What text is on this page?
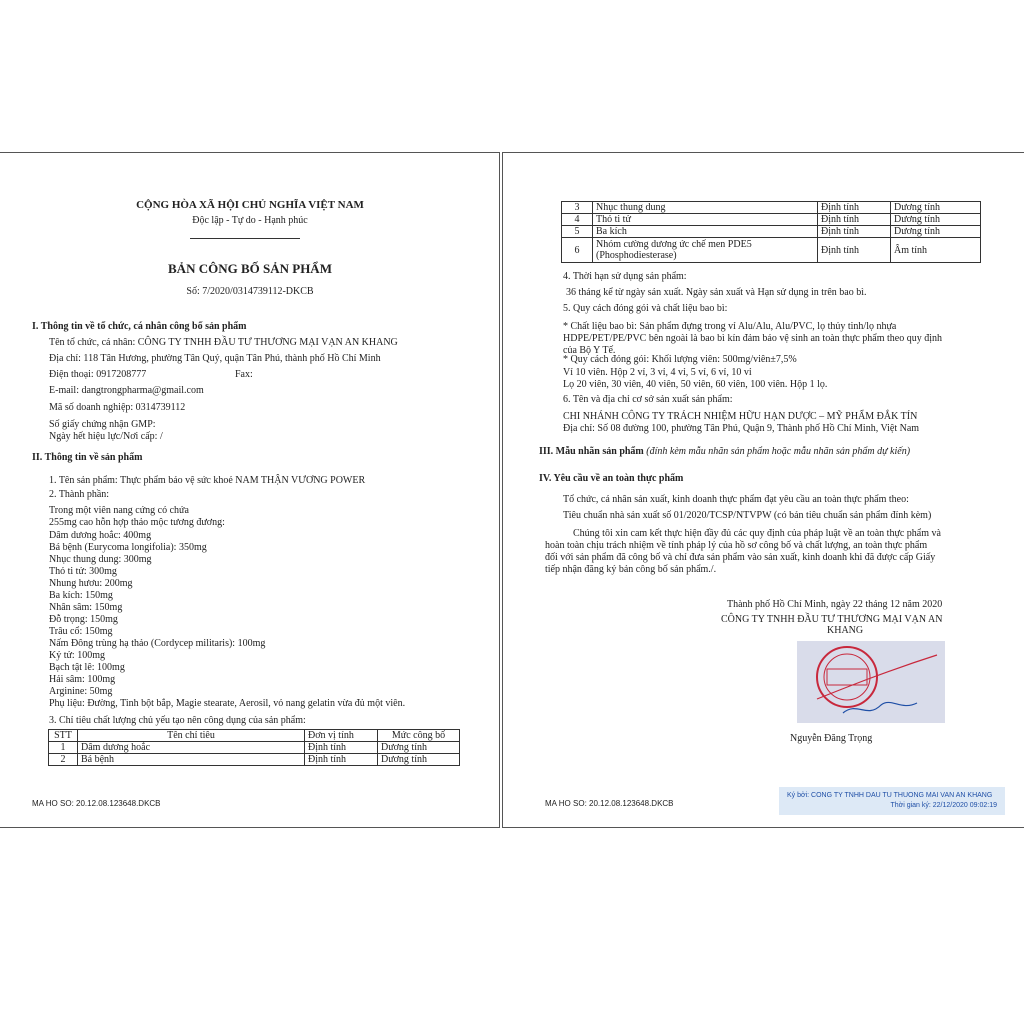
CỘNG HÒA XÃ HỘI CHỦ NGHĨA VIỆT NAM
Độc lập - Tự do - Hạnh phúc
BẢN CÔNG BỐ SẢN PHẨM
Số: 7/2020/0314739112-DKCB
I. Thông tin về tổ chức, cá nhân công bố sản phẩm
Tên tổ chức, cá nhân: CÔNG TY TNHH ĐẦU TƯ THƯƠNG MẠI VẠN AN KHANG
Địa chỉ: 118 Tân Hương, phường Tân Quý, quận Tân Phú, thành phố Hồ Chí Minh
Điện thoại: 0917208777	Fax:
E-mail: dangtrongpharma@gmail.com
Mã số doanh nghiệp: 0314739112
Số giấy chứng nhận GMP:
Ngày hết hiệu lực/Nơi cấp: /
II. Thông tin về sản phẩm
1. Tên sản phẩm: Thực phẩm bảo vệ sức khoẻ NAM THẬN VƯƠNG POWER
2. Thành phần:
Trong một viên nang cứng có chứa
255mg cao hỗn hợp thảo mộc tương đương:
Dâm dương hoắc: 400mg
Bá bệnh (Eurycoma longifolia): 350mg
Nhục thung dung: 300mg
Thỏ ti tử: 300mg
Nhung hươu: 200mg
Ba kích: 150mg
Nhân sâm: 150mg
Đỗ trọng: 150mg
Trâu cổ: 150mg
Nấm Đông trùng hạ thảo (Cordycep militaris): 100mg
Kỷ tử: 100mg
Bạch tật lê: 100mg
Hải sâm: 100mg
Arginine: 50mg
Phụ liệu: Đường, Tinh bột bắp, Magie stearate, Aerosil, vỏ nang gelatin vừa đủ một viên.
3. Chỉ tiêu chất lượng chủ yếu tạo nên công dụng của sản phẩm:
STT	Tên chỉ tiêu	Đơn vị tính	Mức công bố
1	Dâm dương hoắc	Định tính	Dương tính
2	Bá bệnh	Định tính	Dương tính
MA HO SO: 20.12.08.123648.DKCB
3	Nhục thung dung	Định tính	Dương tính
4	Thỏ ti tử	Định tính	Dương tính
5	Ba kích	Định tính	Dương tính
6	Nhóm cường dương ức chế men PDE5
(Phosphodiesterase)	Định tính	Âm tính
4. Thời hạn sử dụng sản phẩm:
36 tháng kể từ ngày sản xuất. Ngày sản xuất và Hạn sử dụng in trên bao bì.
5. Quy cách đóng gói và chất liệu bao bì:
* Chất liệu bao bì: Sản phẩm đựng trong vỉ Alu/Alu, Alu/PVC, lọ thủy tinh/lọ nhựa
HDPE/PET/PE/PVC bên ngoài là bao bì kín đảm bảo vệ sinh an toàn thực phẩm theo quy định
của Bộ Y Tế.
* Quy cách đóng gói: Khối lượng viên: 500mg/viên±7,5%
Vỉ 10 viên. Hộp 2 vỉ, 3 vỉ, 4 vỉ, 5 vỉ, 6 vỉ, 10 vỉ
Lọ 20 viên, 30 viên, 40 viên, 50 viên, 60 viên, 100 viên. Hộp 1 lọ.
6. Tên và địa chỉ cơ sở sản xuất sản phẩm:
CHI NHÁNH CÔNG TY TRÁCH NHIỆM HỮU HẠN DƯỢC – MỸ PHẨM ĐẮK TÍN
Địa chỉ: Số 08 đường 100, phường Tân Phú, Quận 9, Thành phố Hồ Chí Minh, Việt Nam
III. Mẫu nhãn sản phẩm (đính kèm mẫu nhãn sản phẩm hoặc mẫu nhãn sản phẩm dự kiến)
IV. Yêu cầu về an toàn thực phẩm
Tổ chức, cá nhân sản xuất, kinh doanh thực phẩm đạt yêu cầu an toàn thực phẩm theo:
Tiêu chuẩn nhà sản xuất số 01/2020/TCSP/NTVPW (có bản tiêu chuẩn sản phẩm đính kèm)
Chúng tôi xin cam kết thực hiện đầy đủ các quy định của pháp luật về an toàn thực phẩm và
hoàn toàn chịu trách nhiệm về tính pháp lý của hồ sơ công bố và chất lượng, an toàn thực phẩm
đối với sản phẩm đã công bố và chỉ đưa sản phẩm vào sản xuất, kinh doanh khi đã được cấp Giấy
tiếp nhận đăng ký bản công bố sản phẩm./.
Thành phố Hồ Chí Minh, ngày 22 tháng 12 năm 2020
CÔNG TY TNHH ĐẦU TƯ THƯƠNG MẠI VẠN AN
KHANG
Nguyễn Đăng Trọng
MA HO SO: 20.12.08.123648.DKCB
Ký bởi: CONG TY TNHH DAU TU THUONG MAI VAN AN KHANG
Thời gian ký: 22/12/2020 09:02:19
